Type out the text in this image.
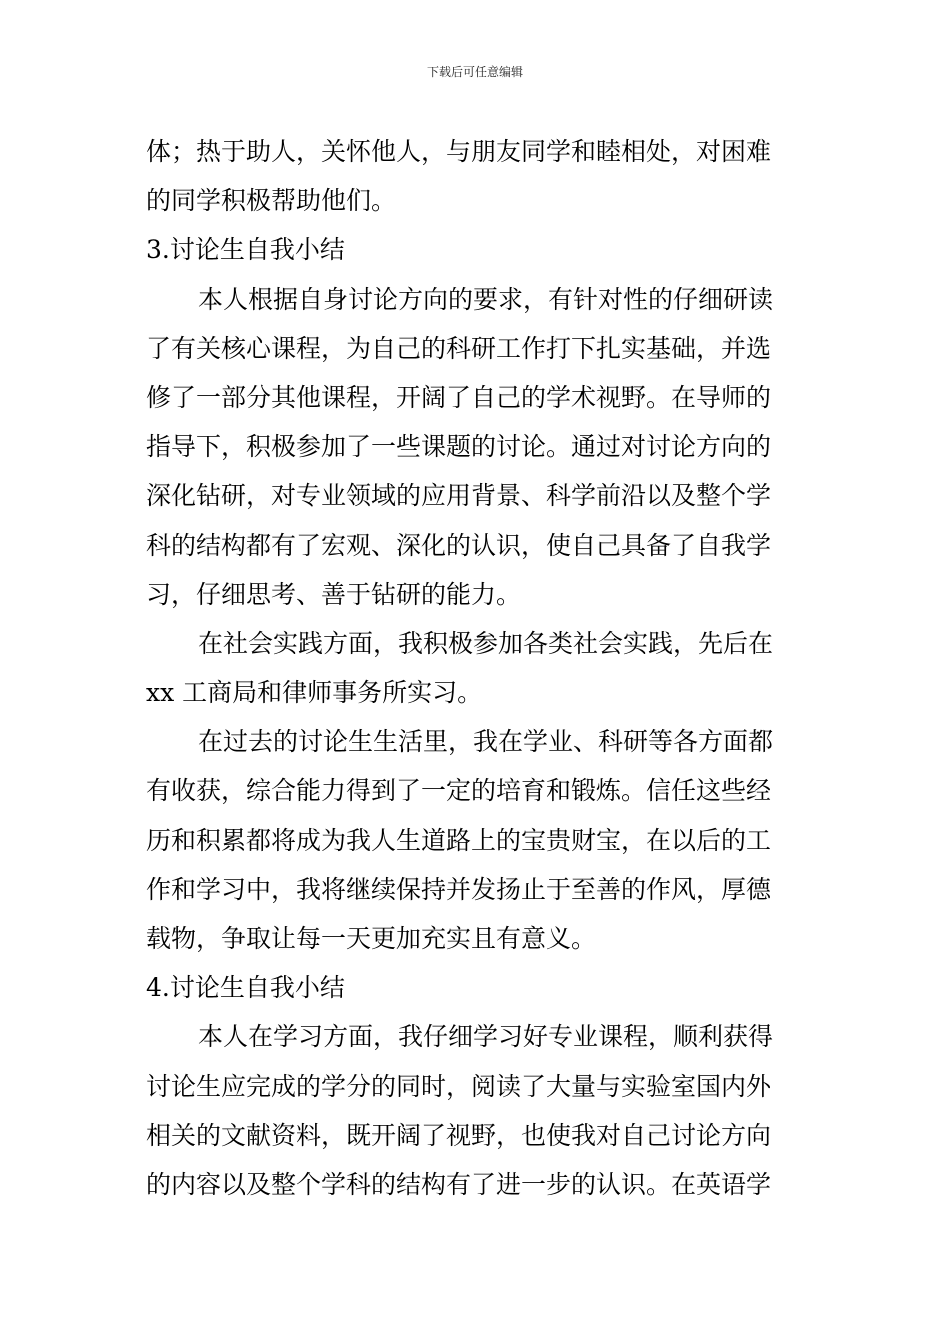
下载后可任意编辑
体；热于助人，关怀他人，与朋友同学和睦相处，对困难
的同学积极帮助他们。
3.讨论生自我小结
本人根据自身讨论方向的要求，有针对性的仔细研读
了有关核心课程，为自己的科研工作打下扎实基础，并选
修了一部分其他课程，开阔了自己的学术视野。在导师的
指导下，积极参加了一些课题的讨论。通过对讨论方向的
深化钻研，对专业领域的应用背景、科学前沿以及整个学
科的结构都有了宏观、深化的认识，使自己具备了自我学
习，仔细思考、善于钻研的能力。
在社会实践方面，我积极参加各类社会实践，先后在
xx 工商局和律师事务所实习。
在过去的讨论生生活里，我在学业、科研等各方面都
有收获，综合能力得到了一定的培育和锻炼。信任这些经
历和积累都将成为我人生道路上的宝贵财宝，在以后的工
作和学习中，我将继续保持并发扬止于至善的作风，厚德
载物，争取让每一天更加充实且有意义。
4.讨论生自我小结
本人在学习方面，我仔细学习好专业课程，顺利获得
讨论生应完成的学分的同时，阅读了大量与实验室国内外
相关的文献资料，既开阔了视野，也使我对自己讨论方向
的内容以及整个学科的结构有了进一步的认识。在英语学
